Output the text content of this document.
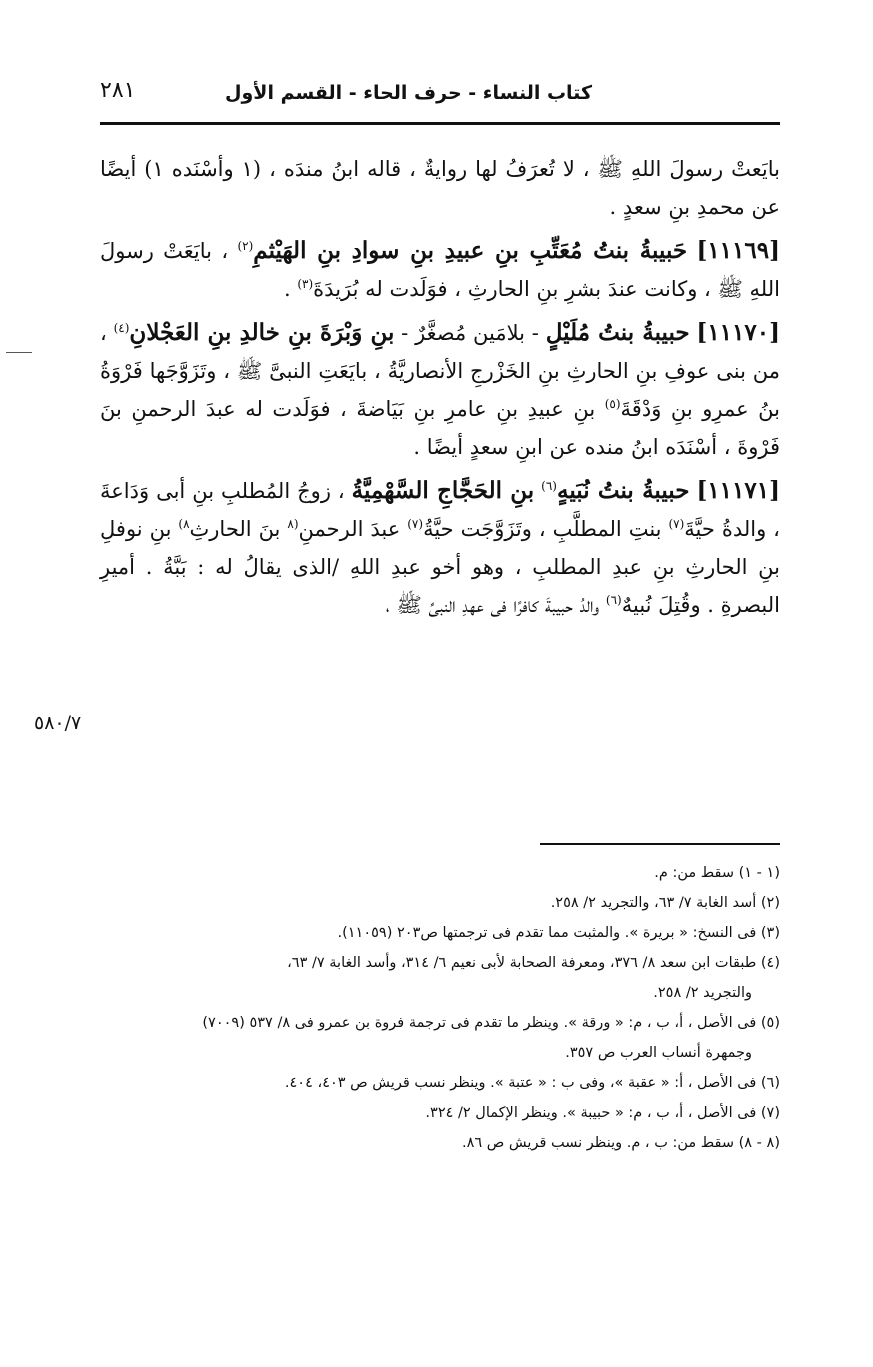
كتاب النساء - حرف الحاء - القسم الأول
٢٨١
٥٨٠/٧

بايَعتْ رسولَ اللهِ ﷺ ، لا تُعرَفُ لها روايةٌ ، قاله ابنُ مندَه ، (١ وأسْنَده ١) أيضًا عن محمدِ بنِ سعدٍ .

[١١١٦٩] حَبيبةُ بنتُ مُعَتِّبِ بنِ عبيدِ بنِ سوادِ بنِ الهَيْثمِ$^{(٢)}$ ، بايَعَتْ رسولَ اللهِ ﷺ ، وكانت عندَ بشرِ بنِ الحارثِ ، فوَلَدت له بُرَيدَةَ$^{(٣)}$ .

[١١١٧٠] حبيبةُ بنتُ مُلَيْلٍ - بلامَين مُصغَّرٌ - بنِ وَبْرَةَ بنِ خالدِ بنِ العَجْلانِ$^{(٤)}$ ، من بنى عوفِ بنِ الحارثِ بنِ الخَزْرجِ الأنصاريَّةُ ، بايَعَتِ النبىَّ ﷺ ، وتَزَوَّجَها فَرْوَةُ بنُ عمرِو بنِ وَدْقَةَ$^{(٥)}$ بنِ عبيدِ بنِ عامرِ بنِ بَيَاضةَ ، فوَلَدت له عبدَ الرحمنِ بنَ فَرْوةَ ، أسْنَدَه ابنُ منده عن ابنِ سعدٍ أيضًا .

[١١١٧١] حبيبةُ بنتُ نُبَيهٍ$^{(٦)}$ بنِ الحَجَّاجِ السَّهْمِيَّةُ ، زوجُ المُطلبِ بنِ أبى وَدَاعةَ ، والدةُ حيَّةَ$^{(٧)}$ بنتِ المطلَّبِ ، وتَزَوَّجَت حيَّةُ$^{(٧)}$ عبدَ الرحمنِ$^{(٨}$ بنَ الحارثِ$^{٨)}$ بنِ نوفلِ بنِ الحارثِ بنِ عبدِ المطلبِ ، وهو أخو عبدِ اللهِ /الذى يقالُ له : بَبَّةُ . أميرِ البصرةِ . وقُتِلَ نُبيهٌ$^{(٦)}$ والدُ حبيبةَ كافرًا فى عهدِ النبىِّ ﷺ ،

(١ - ١) سقط من: م.

(٢) أسد الغابة ٧/ ٦٣، والتجريد ٢/ ٢٥٨.

(٣) فى النسخ: « بريرة ». والمثبت مما تقدم فى ترجمتها ص٢٠٣ (١١٠٥٩).

(٤) طبقات ابن سعد ٨/ ٣٧٦، ومعرفة الصحابة لأبى نعيم ٦/ ٣١٤، وأسد الغابة ٧/ ٦٣،

والتجريد ٢/ ٢٥٨.

(٥) فى الأصل ، أ، ب ، م: « ورقة ». وينظر ما تقدم فى ترجمة فروة بن عمرو فى ٨/ ٥٣٧ (٧٠٠٩)

وجمهرة أنساب العرب ص ٣٥٧.

(٦) فى الأصل ، أ: « عقبة »، وفى ب : « عتبة ». وينظر نسب قريش ص ٤٠٣، ٤٠٤.

(٧) فى الأصل ، أ، ب ، م: « حبيبة ». وينظر الإكمال ٢/ ٣٢٤.

(٨ - ٨) سقط من: ب ، م. وينظر نسب قريش ص ٨٦.
